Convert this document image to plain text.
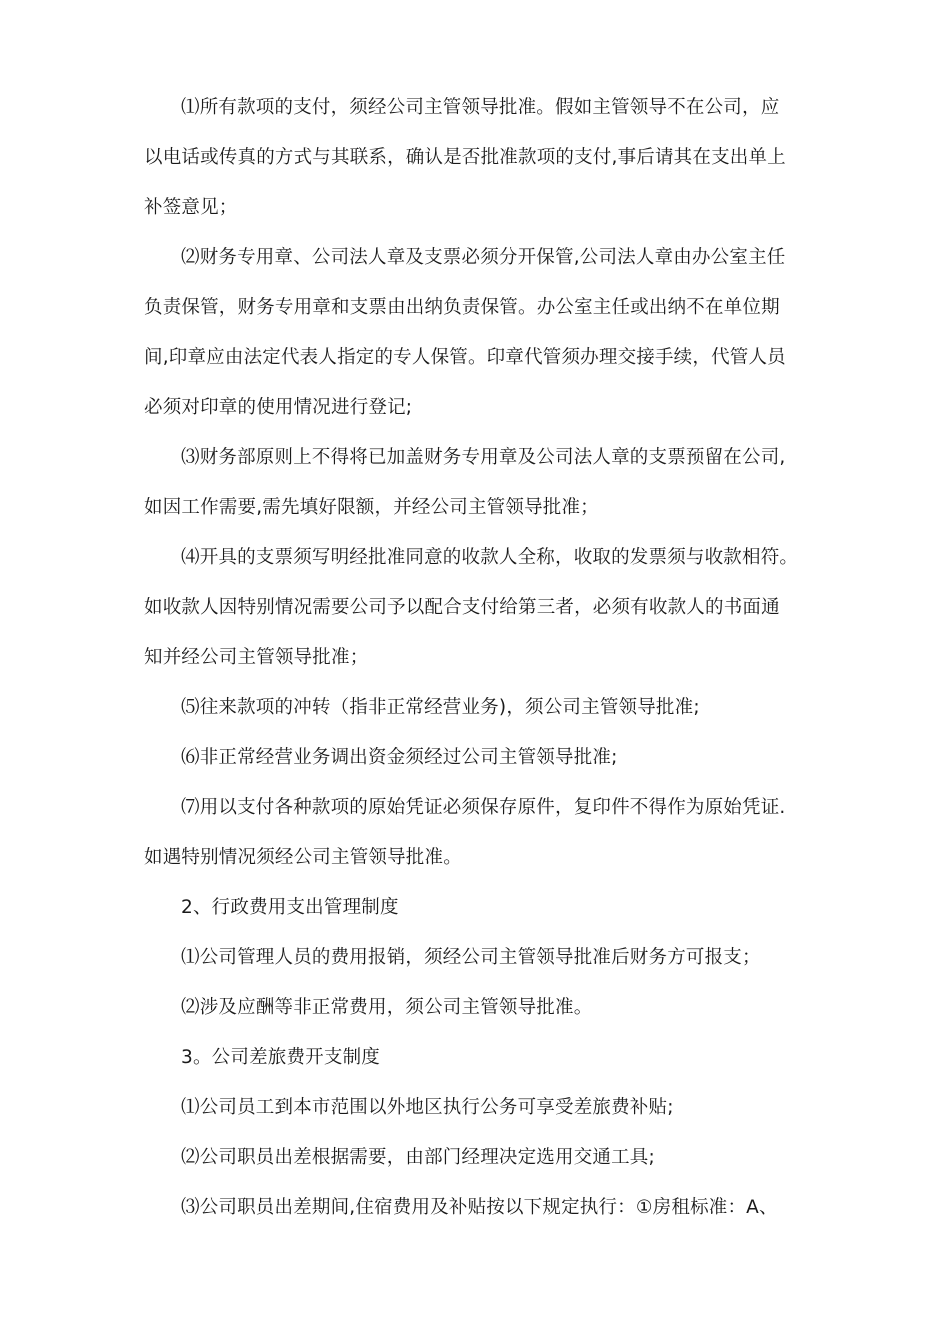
⑴所有款项的支付，须经公司主管领导批准。假如主管领导不在公司，应
以电话或传真的方式与其联系，确认是否批准款项的支付,事后请其在支出单上
补签意见；
⑵财务专用章、公司法人章及支票必须分开保管,公司法人章由办公室主任
负责保管，财务专用章和支票由出纳负责保管。办公室主任或出纳不在单位期
间,印章应由法定代表人指定的专人保管。印章代管须办理交接手续，代管人员
必须对印章的使用情况进行登记;
⑶财务部原则上不得将已加盖财务专用章及公司法人章的支票预留在公司,
如因工作需要,需先填好限额，并经公司主管领导批准；
⑷开具的支票须写明经批准同意的收款人全称，收取的发票须与收款相符。
如收款人因特别情况需要公司予以配合支付给第三者，必须有收款人的书面通
知并经公司主管领导批准；
⑸往来款项的冲转（指非正常经营业务)，须公司主管领导批准;
⑹非正常经营业务调出资金须经过公司主管领导批准;
⑺用以支付各种款项的原始凭证必须保存原件，复印件不得作为原始凭证.
如遇特别情况须经公司主管领导批准。
2、行政费用支出管理制度
⑴公司管理人员的费用报销，须经公司主管领导批准后财务方可报支；
⑵涉及应酬等非正常费用，须公司主管领导批准。
3。公司差旅费开支制度
⑴公司员工到本市范围以外地区执行公务可享受差旅费补贴;
⑵公司职员出差根据需要，由部门经理决定选用交通工具;
⑶公司职员出差期间,住宿费用及补贴按以下规定执行：①房租标准：A、
